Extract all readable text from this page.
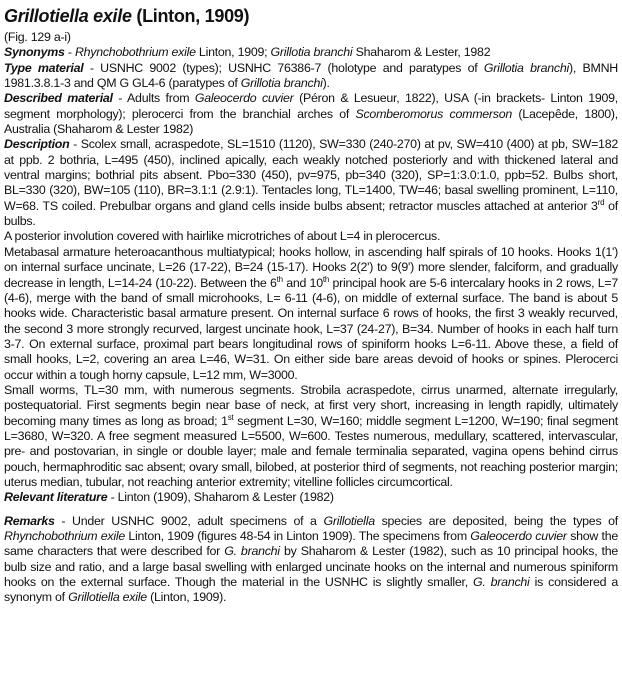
Grillotiella exile (Linton, 1909)

(Fig. 129 a-i)

Synonyms - Rhynchobothrium exile Linton, 1909; Grillotia branchi Shaharom & Lester, 1982

Type material - USNHC 9002 (types); USNHC 76386-7 (holotype and paratypes of Grillotia branchi), BMNH 1981.3.8.1-3 and QM G GL4-6 (paratypes of Grillotia branchi).

Described material - Adults from Galeocerdo cuvier (Péron & Lesueur, 1822), USA (-in brackets- Linton 1909, segment morphology); plerocerci from the branchial arches of Scomberomorus commerson (Lacepêde, 1800), Australia (Shaharom & Lester 1982)

Description - Scolex small, acraspedote, SL=1510 (1120), SW=330 (240-270) at pv, SW=410 (400) at pb, SW=182 at ppb. 2 bothria, L=495 (450), inclined apically, each weakly notched posteriorly and with thickened lateral and ventral margins; bothrial pits absent. Pbo=330 (450), pv=975, pb=340 (320), SP=1:3.0:1.0, ppb=52. Bulbs short, BL=330 (320), BW=105 (110), BR=3.1:1 (2.9:1). Tentacles long, TL=1400, TW=46; basal swelling prominent, L=110, W=68. TS coiled. Prebulbar organs and gland cells inside bulbs absent; retractor muscles attached at anterior 3rd of bulbs.

A posterior involution covered with hairlike microtriches of about L=4 in plerocercus.

Metabasal armature heteroacanthous multiatypical; hooks hollow, in ascending half spirals of 10 hooks. Hooks 1(1') on internal surface uncinate, L=26 (17-22), B=24 (15-17). Hooks 2(2') to 9(9') more slender, falciform, and gradually decrease in length, L=14-24 (10-22). Between the 6th and 10th principal hook are 5-6 intercalary hooks in 2 rows, L=7 (4-6), merge with the band of small microhooks, L= 6-11 (4-6), on middle of external surface. The band is about 5 hooks wide. Characteristic basal armature present. On internal surface 6 rows of hooks, the first 3 weakly recurved, the second 3 more strongly recurved, largest uncinate hook, L=37 (24-27), B=34. Number of hooks in each half turn 3-7. On external surface, proximal part bears longitudinal rows of spiniform hooks L=6-11. Above these, a field of small hooks, L=2, covering an area L=46, W=31. On either side bare areas devoid of hooks or spines. Plerocerci occur within a tough horny capsule, L=12 mm, W=3000.

Small worms, TL=30 mm, with numerous segments. Strobila acraspedote, cirrus unarmed, alternate irregularly, postequatorial. First segments begin near base of neck, at first very short, increasing in length rapidly, ultimately becoming many times as long as broad; 1st segment L=30, W=160; middle segment L=1200, W=190; final segment L=3680, W=320. A free segment measured L=5500, W=600. Testes numerous, medullary, scattered, intervascular, pre- and postovarian, in single or double layer; male and female terminalia separated, vagina opens behind cirrus pouch, hermaphroditic sac absent; ovary small, bilobed, at posterior third of segments, not reaching posterior margin; uterus median, tubular, not reaching anterior extremity; vitelline follicles circumcortical.

Relevant literature - Linton (1909), Shaharom & Lester (1982)

Remarks - Under USNHC 9002, adult specimens of a Grillotiella species are deposited, being the types of Rhynchobothrium exile Linton, 1909 (figures 48-54 in Linton 1909). The specimens from Galeocerdo cuvier show the same characters that were described for G. branchi by Shaharom & Lester (1982), such as 10 principal hooks, the bulb size and ratio, and a large basal swelling with enlarged uncinate hooks on the internal and numerous spiniform hooks on the external surface. Though the material in the USNHC is slightly smaller, G. branchi is considered a synonym of Grillotiella exile (Linton, 1909).
